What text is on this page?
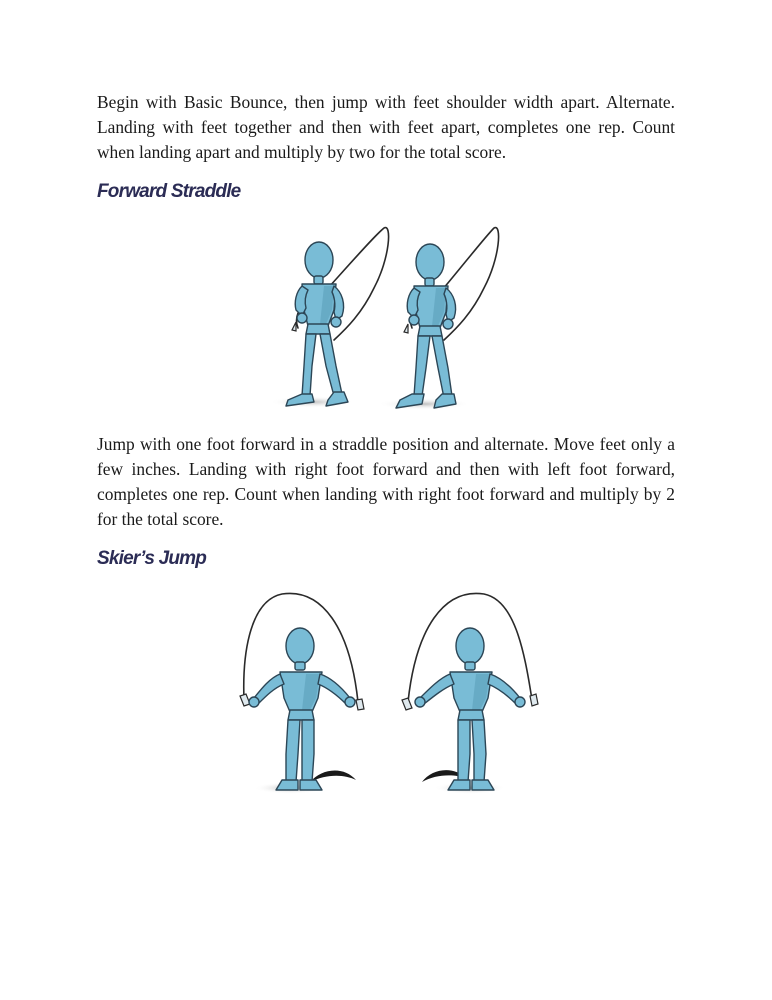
Begin with Basic Bounce, then jump with feet shoulder width apart. Alternate. Landing with feet together and then with feet apart, completes one rep. Count when landing apart and multiply by two for the total score.

Forward Straddle

Jump with one foot forward in a straddle position and alternate. Move feet only a few inches. Landing with right foot forward and then with left foot forward, completes one rep. Count when landing with right foot forward and multiply by 2 for the total score.

Skier’s Jump
